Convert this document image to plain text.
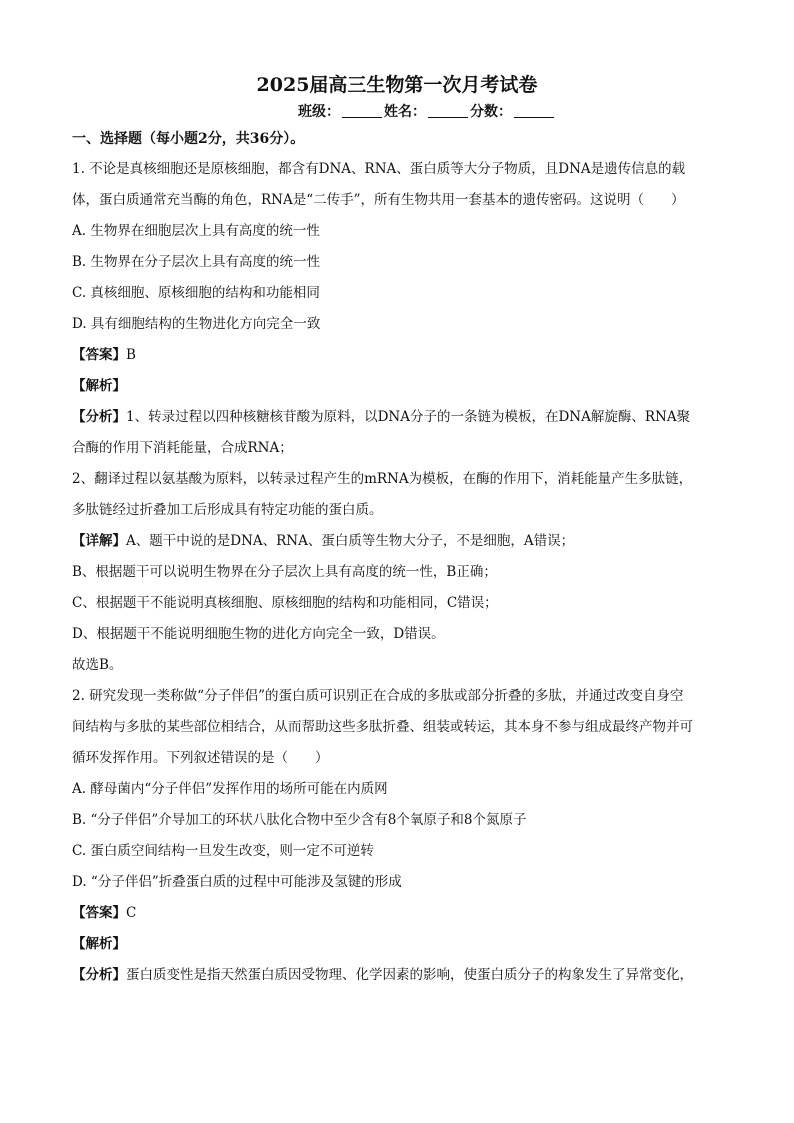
2025届高三生物第一次月考试卷
班级：	姓名：	分数：
一、选择题（每小题2分，共36分）。

1. 不论是真核细胞还是原核细胞，都含有DNA、RNA、蛋白质等大分子物质，且DNA是遗传信息的载

体，蛋白质通常充当酶的角色，RNA是“二传手”，所有生物共用一套基本的遗传密码。这说明（　　）

A. 生物界在细胞层次上具有高度的统一性

B. 生物界在分子层次上具有高度的统一性

C. 真核细胞、原核细胞的结构和功能相同

D. 具有细胞结构的生物进化方向完全一致

【答案】B

【解析】

【分析】1、转录过程以四种核糖核苷酸为原料，以DNA分子的一条链为模板，在DNA解旋酶、RNA聚

合酶的作用下消耗能量，合成RNA；

2、翻译过程以氨基酸为原料，以转录过程产生的mRNA为模板，在酶的作用下，消耗能量产生多肽链，

多肽链经过折叠加工后形成具有特定功能的蛋白质。

【详解】A、题干中说的是DNA、RNA、蛋白质等生物大分子，不是细胞，A错误；

B、根据题干可以说明生物界在分子层次上具有高度的统一性，B正确；

C、根据题干不能说明真核细胞、原核细胞的结构和功能相同，C错误；

D、根据题干不能说明细胞生物的进化方向完全一致，D错误。

故选B。

2. 研究发现一类称做“分子伴侣”的蛋白质可识别正在合成的多肽或部分折叠的多肽，并通过改变自身空

间结构与多肽的某些部位相结合，从而帮助这些多肽折叠、组装或转运，其本身不参与组成最终产物并可

循环发挥作用。下列叙述错误的是（　　）

A. 酵母菌内“分子伴侣”发挥作用的场所可能在内质网

B. “分子伴侣”介导加工的环状八肽化合物中至少含有8个氧原子和8个氮原子

C. 蛋白质空间结构一旦发生改变，则一定不可逆转

D. “分子伴侣”折叠蛋白质的过程中可能涉及氢键的形成

【答案】C

【解析】

【分析】蛋白质变性是指天然蛋白质因受物理、化学因素的影响，使蛋白质分子的构象发生了异常变化，
